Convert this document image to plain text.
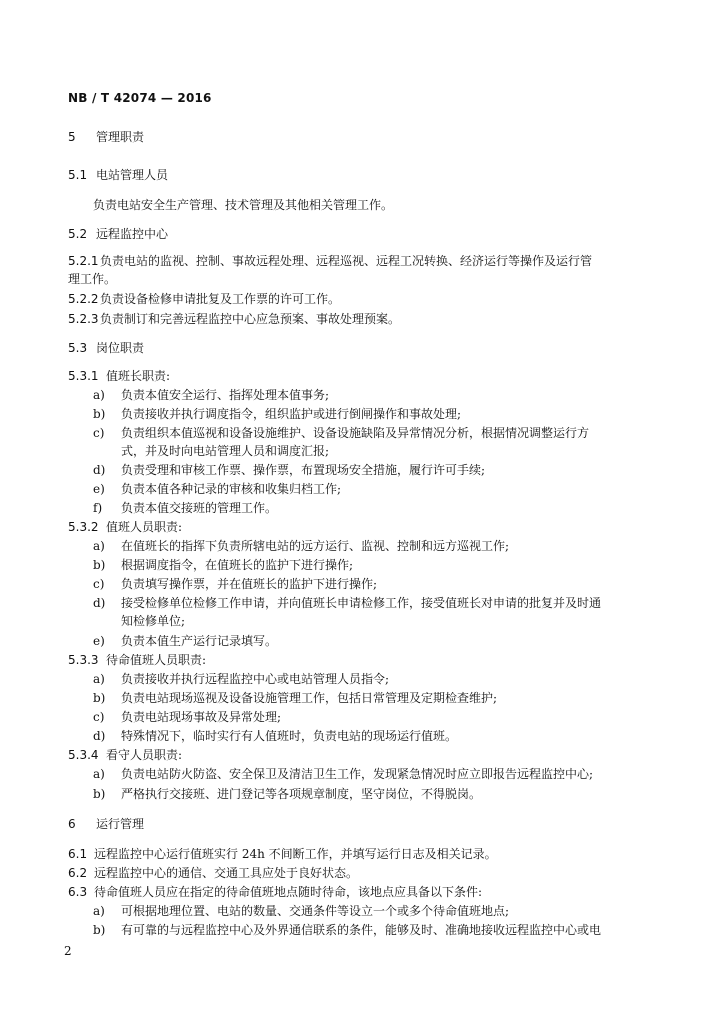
NB / T 42074 — 2016
5 管理职责
5.1 电站管理人员
负责电站安全生产管理、技术管理及其他相关管理工作。
5.2 远程监控中心
5.2.1负责电站的监视、控制、事故远程处理、远程巡视、远程工况转换、经济运行等操作及运行管
理工作。
5.2.2负责设备检修申请批复及工作票的许可工作。
5.2.3负责制订和完善远程监控中心应急预案、事故处理预案。
5.3 岗位职责
5.3.1 值班长职责:
a) 负责本值安全运行、指挥处理本值事务;
b) 负责接收并执行调度指令，组织监护或进行倒闸操作和事故处理;
c) 负责组织本值巡视和设备设施维护、设备设施缺陷及异常情况分析，根据情况调整运行方
式，并及时向电站管理人员和调度汇报;
d) 负责受理和审核工作票、操作票，布置现场安全措施，履行许可手续;
e) 负责本值各种记录的审核和收集归档工作;
f) 负责本值交接班的管理工作。
5.3.2 值班人员职责:
a) 在值班长的指挥下负责所辖电站的远方运行、监视、控制和远方巡视工作;
b) 根据调度指令，在值班长的监护下进行操作;
c) 负责填写操作票，并在值班长的监护下进行操作;
d) 接受检修单位检修工作申请，并向值班长申请检修工作，接受值班长对申请的批复并及时通
知检修单位;
e) 负责本值生产运行记录填写。
5.3.3 待命值班人员职责:
a) 负责接收并执行远程监控中心或电站管理人员指令;
b) 负责电站现场巡视及设备设施管理工作，包括日常管理及定期检查维护;
c) 负责电站现场事故及异常处理;
d) 特殊情况下，临时实行有人值班时，负责电站的现场运行值班。
5.3.4 看守人员职责:
a) 负责电站防火防盗、安全保卫及清洁卫生工作，发现紧急情况时应立即报告远程监控中心;
b) 严格执行交接班、进门登记等各项规章制度，坚守岗位，不得脱岗。
6 运行管理
6.1 远程监控中心运行值班实行 24h 不间断工作，并填写运行日志及相关记录。
6.2 远程监控中心的通信、交通工具应处于良好状态。
6.3 待命值班人员应在指定的待命值班地点随时待命，该地点应具备以下条件:
a) 可根据地理位置、电站的数量、交通条件等设立一个或多个待命值班地点;
b) 有可靠的与远程监控中心及外界通信联系的条件，能够及时、准确地接收远程监控中心或电
2
